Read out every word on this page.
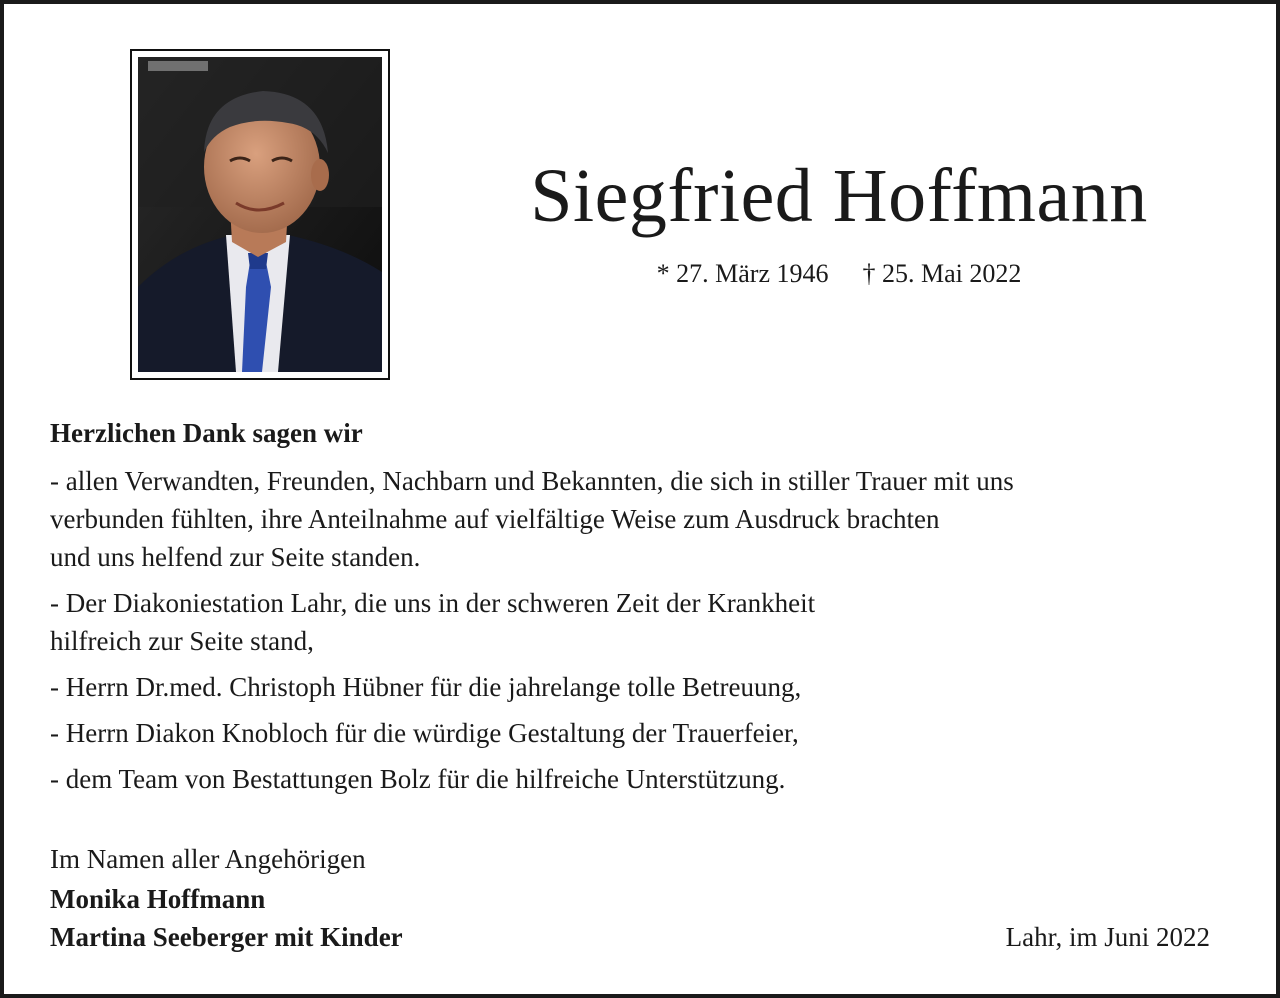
Siegfried Hoffmann
* 27. März 1946 † 25. Mai 2022
Herzlichen Dank sagen wir
- allen Verwandten, Freunden, Nachbarn und Bekannten, die sich in stiller Trauer mit uns
verbunden fühlten, ihre Anteilnahme auf vielfältige Weise zum Ausdruck brachten
und uns helfend zur Seite standen.
- Der Diakoniestation Lahr, die uns in der schweren Zeit der Krankheit
hilfreich zur Seite stand,
- Herrn Dr.med. Christoph Hübner für die jahrelange tolle Betreuung,
- Herrn Diakon Knobloch für die würdige Gestaltung der Trauerfeier,
- dem Team von Bestattungen Bolz für die hilfreiche Unterstützung.
Im Namen aller Angehörigen
Monika Hoffmann
Martina Seeberger mit Kinder	Lahr, im Juni 2022
